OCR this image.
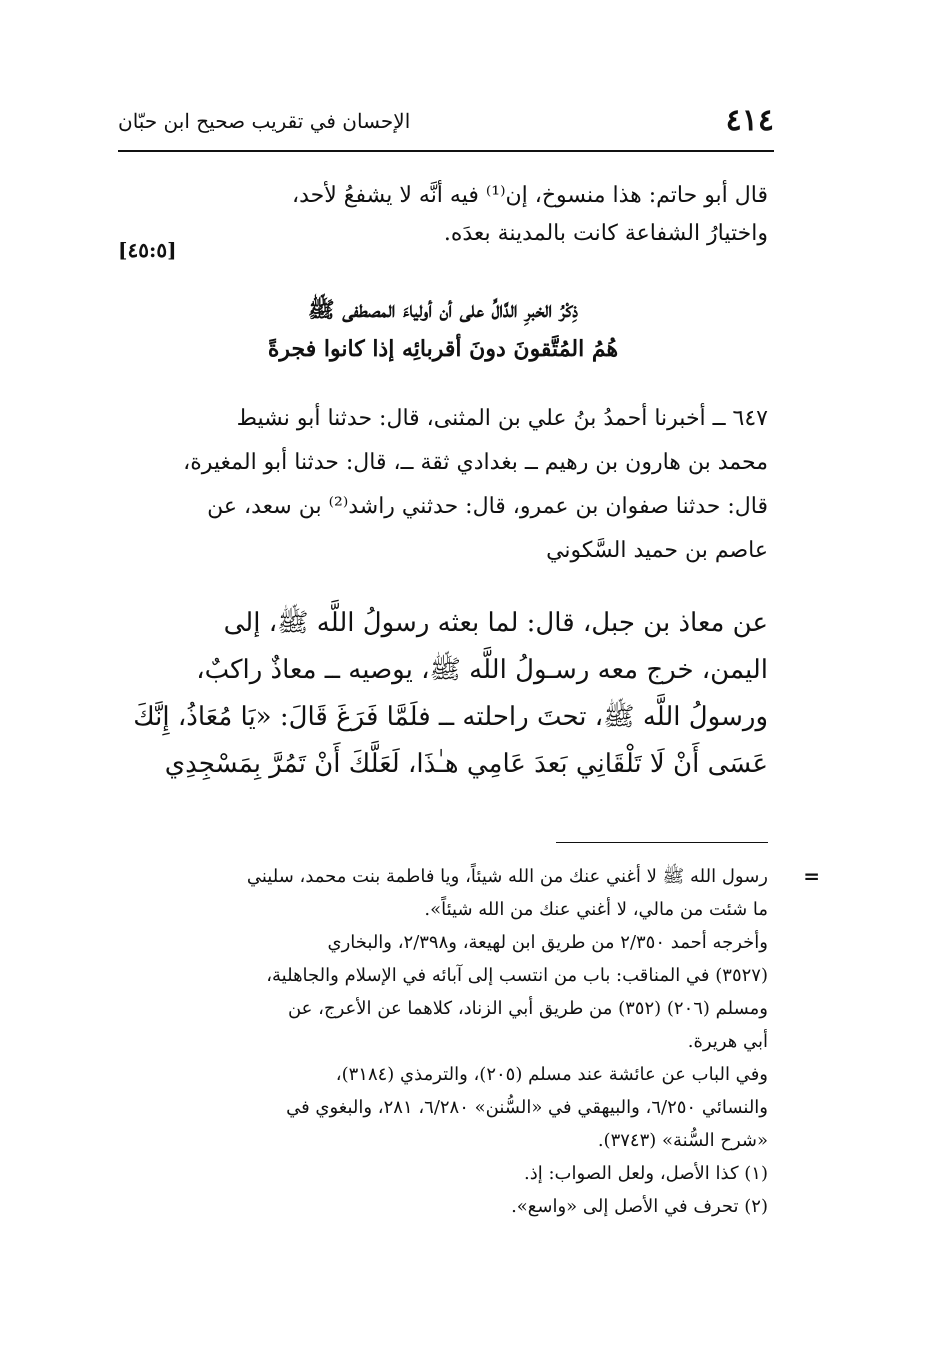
٤١٤
الإحسان في تقريب صحيح ابن حبّان
قال أبو حاتم: هذا منسوخ، إن⁽¹⁾ فيه أنَّه لا يشفعُ لأحد،
واختيارُ الشفاعة كانت بالمدينة بعدَه.
[٤٥:٥]
ذِكْرُ الخبرِ الدَّالِّ على أن أولياءَ المصطفى ﷺ
هُمُ المُتَّقونَ دونَ أقربائِه إذا كانوا فجرةً
٦٤٧ ــ أخبرنا أحمدُ بنُ علي بن المثنى، قال: حدثنا أبو نشيط
محمد بن هارون بن رهيم ــ بغدادي ثقة ــ، قال: حدثنا أبو المغيرة،
قال: حدثنا صفوان بن عمرو، قال: حدثني راشد⁽²⁾ بن سعد، عن
عاصم بن حميد السَّكوني
عن معاذ بن جبل، قال: لما بعثه رسولُ اللَّه ﷺ، إلى
اليمن، خرج معه رسـولُ اللَّه ﷺ، يوصيه ــ معاذٌ راكبٌ،
ورسولُ اللَّه ﷺ، تحتَ راحلته ــ فلَمَّا فَرَغَ قَالَ: «يَا مُعَاذُ، إِنَّكَ
عَسَى أَنْ لَا تَلْقَانِي بَعدَ عَامِي هـٰذَا، لَعَلَّكَ أَنْ تَمُرَّ بِمَسْجِدِي
=
رسول الله ﷺ لا أغني عنك من الله شيئاً، ويا فاطمة بنت محمد، سليني
ما شئت من مالي، لا أغني عنك من الله شيئاً».
وأخرجه أحمد ٢/٣٥٠ من طريق ابن لهيعة، و٢/٣٩٨، والبخاري
(٣٥٢٧) في المناقب: باب من انتسب إلى آبائه في الإسلام والجاهلية،
ومسلم (٢٠٦) (٣٥٢) من طريق أبي الزناد، كلاهما عن الأعرج، عن
أبي هريرة.
وفي الباب عن عائشة عند مسلم (٢٠٥)، والترمذي (٣١٨٤)،
والنسائي ٦/٢٥٠، والبيهقي في «السُّنن» ٦/٢٨٠، ٢٨١، والبغوي في
«شرح السُّنة» (٣٧٤٣).
(١) كذا الأصل، ولعل الصواب: إذ.
(٢) تحرف في الأصل إلى «واسع».
